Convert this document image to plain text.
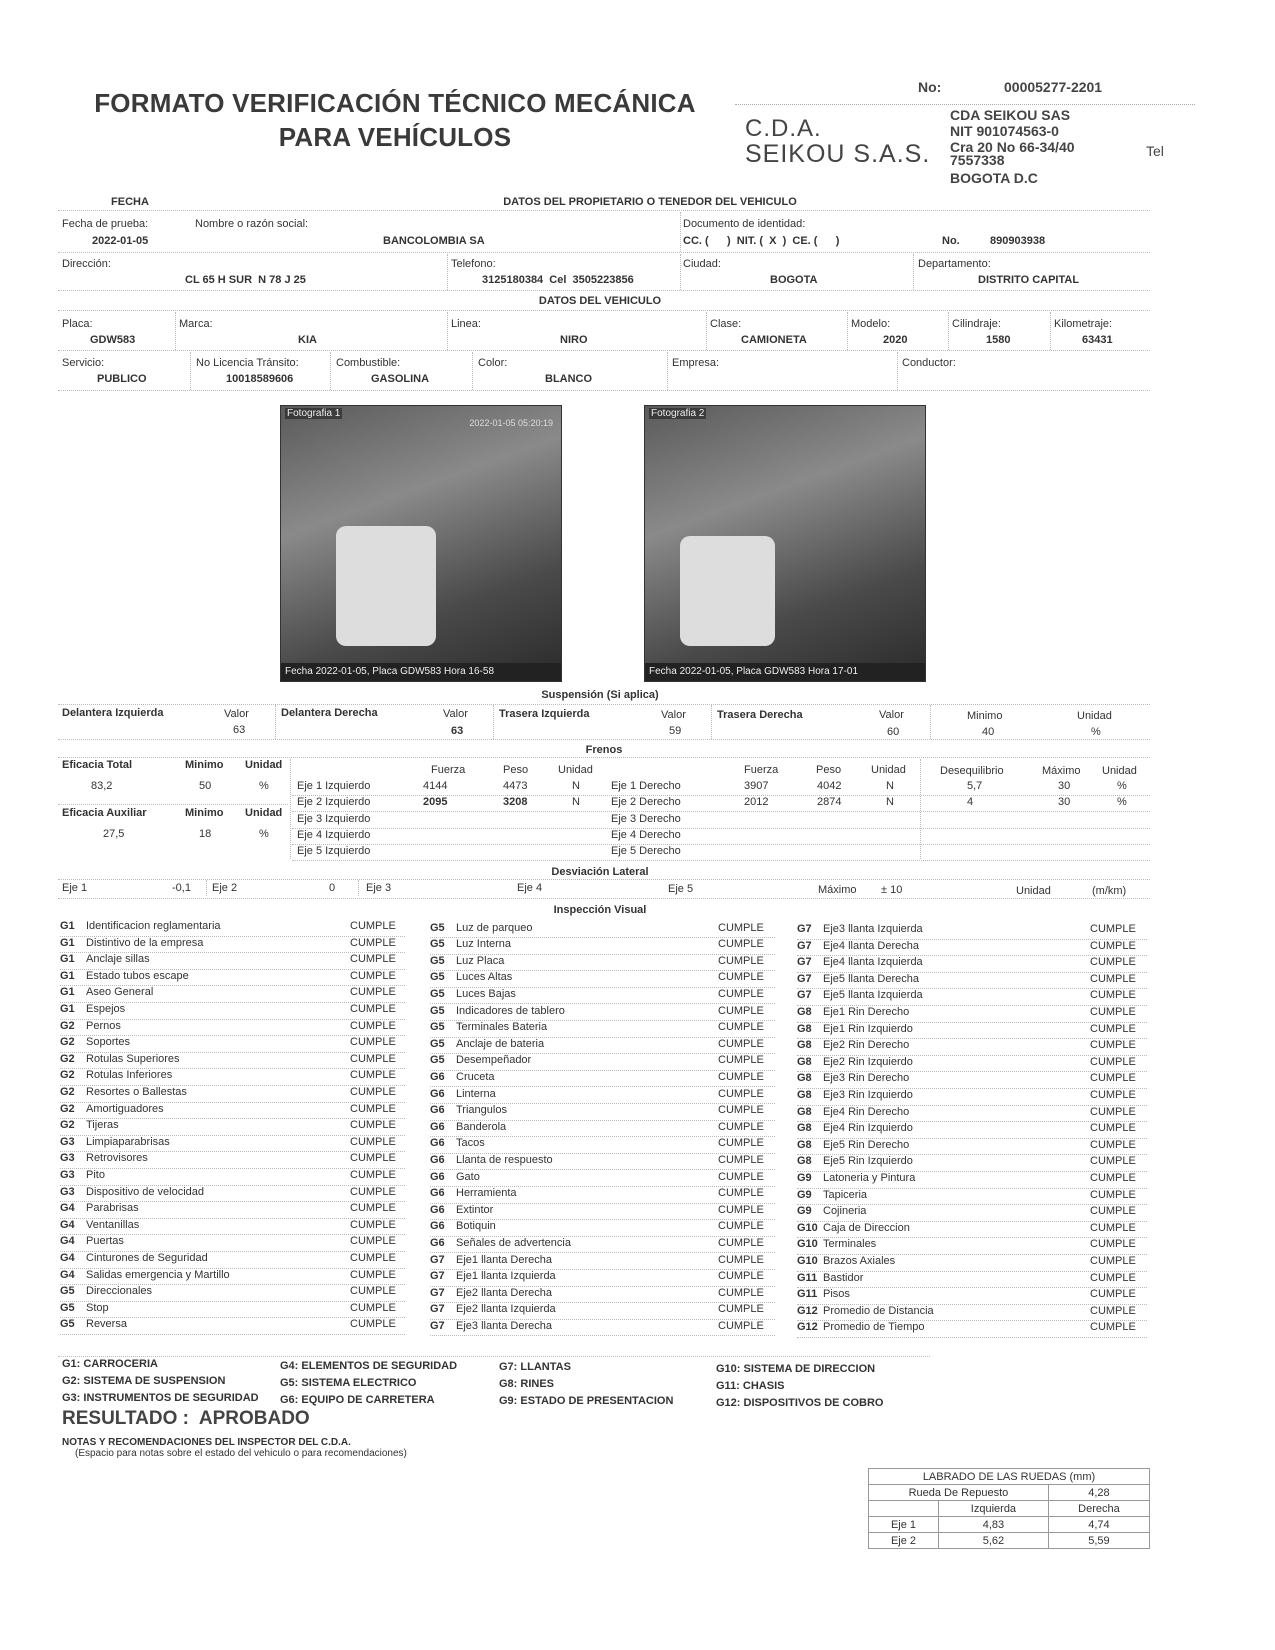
FORMATO VERIFICACIÓN TÉCNICO MECÁNICA
PARA VEHÍCULOS
No:	00005277-2201
C.D.A.
SEIKOU S.A.S.
CDA SEIKOU SAS
NIT 901074563-0
Cra 20 No 66-34/40
7557338
BOGOTA D.C
Tel
FECHA	DATOS DEL PROPIETARIO O TENEDOR DEL VEHICULO
Fecha de prueba:
2022-01-05
Nombre o razón social:
BANCOLOMBIA SA
Documento de identidad:
CC. (      )  NIT. (  X  )  CE. (      )	No.	890903938
Dirección:
CL 65 H SUR  N 78 J 25
Telefono:
3125180384  Cel  3505223856
Ciudad:
BOGOTA
Departamento:
DISTRITO CAPITAL
DATOS DEL VEHICULO
Placa:
GDW583
Marca:
KIA
Linea:
NIRO
Clase:
CAMIONETA
Modelo:
2020
Cilindraje:
1580
Kilometraje:
63431
Servicio:
PUBLICO
No Licencia Tránsito:
10018589606
Combustible:
GASOLINA
Color:
BLANCO
Empresa:	Conductor:
Fotografia 1
2022-01-05 05:20:19
Fecha 2022-01-05, Placa GDW583 Hora 16-58
Fotografia 2
Fecha 2022-01-05, Placa GDW583 Hora 17-01
Suspensión (Si aplica)
Delantera Izquierda	Valor
63
Delantera Derecha	Valor
63
Trasera Izquierda	Valor
59
Trasera Derecha	Valor
60
Minimo
40
Unidad
%
Frenos
Eficacia Total	Minimo Unidad
83,2	50	%
Eficacia Auxiliar	Minimo Unidad
27,5	18	%
Fuerza	Peso	Unidad	Fuerza	Peso	Unidad	Desequilibrio	Máximo Unidad
Eje 1 Izquierdo	4144	4473	N	Eje 1 Derecho	3907	4042	N	5,7	30	%
Eje 2 Izquierdo	2095	3208	N	Eje 2 Derecho	2012	2874	N	4	30	%
Eje 3 Izquierdo	Eje 3 Derecho
Eje 4 Izquierdo	Eje 4 Derecho
Eje 5 Izquierdo	Eje 5 Derecho
Desviación Lateral
Eje 1	-0,1 Eje 2	0	Eje 3	Eje 4	Eje 5	Máximo ± 10	Unidad	(m/km)
Inspección Visual
G1	Identificacion reglamentaria	CUMPLE
G1	Distintivo de la empresa	CUMPLE
G1	Anclaje sillas	CUMPLE
G1	Estado tubos escape	CUMPLE
G1	Aseo General	CUMPLE
G1	Espejos	CUMPLE
G2	Pernos	CUMPLE
G2	Soportes	CUMPLE
G2	Rotulas Superiores	CUMPLE
G2	Rotulas Inferiores	CUMPLE
G2	Resortes o Ballestas	CUMPLE
G2	Amortiguadores	CUMPLE
G2	Tijeras	CUMPLE
G3	Limpiaparabrisas	CUMPLE
G3	Retrovisores	CUMPLE
G3	Pito	CUMPLE
G3	Dispositivo de velocidad	CUMPLE
G4	Parabrisas	CUMPLE
G4	Ventanillas	CUMPLE
G4	Puertas	CUMPLE
G4	Cinturones de Seguridad	CUMPLE
G4	Salidas emergencia y Martillo	CUMPLE
G5	Direccionales	CUMPLE
G5	Stop	CUMPLE
G5	Reversa	CUMPLE
G5	Luz de parqueo	CUMPLE
G5	Luz Interna	CUMPLE
G5	Luz Placa	CUMPLE
G5	Luces Altas	CUMPLE
G5	Luces Bajas	CUMPLE
G5	Indicadores de tablero	CUMPLE
G5	Terminales Bateria	CUMPLE
G5	Anclaje de bateria	CUMPLE
G5	Desempeñador	CUMPLE
G6	Cruceta	CUMPLE
G6	Linterna	CUMPLE
G6	Triangulos	CUMPLE
G6	Banderola	CUMPLE
G6	Tacos	CUMPLE
G6	Llanta de respuesto	CUMPLE
G6	Gato	CUMPLE
G6	Herramienta	CUMPLE
G6	Extintor	CUMPLE
G6	Botiquin	CUMPLE
G6	Señales de advertencia	CUMPLE
G7	Eje1 llanta Derecha	CUMPLE
G7	Eje1 llanta Izquierda	CUMPLE
G7	Eje2 llanta Derecha	CUMPLE
G7	Eje2 llanta Izquierda	CUMPLE
G7	Eje3 llanta Derecha	CUMPLE
G7	Eje3 llanta Izquierda	CUMPLE
G7	Eje4 llanta Derecha	CUMPLE
G7	Eje4 llanta Izquierda	CUMPLE
G7	Eje5 llanta Derecha	CUMPLE
G7	Eje5 llanta Izquierda	CUMPLE
G8	Eje1 Rin Derecho	CUMPLE
G8	Eje1 Rin Izquierdo	CUMPLE
G8	Eje2 Rin Derecho	CUMPLE
G8	Eje2 Rin Izquierdo	CUMPLE
G8	Eje3 Rin Derecho	CUMPLE
G8	Eje3 Rin Izquierdo	CUMPLE
G8	Eje4 Rin Derecho	CUMPLE
G8	Eje4 Rin Izquierdo	CUMPLE
G8	Eje5 Rin Derecho	CUMPLE
G8	Eje5 Rin Izquierdo	CUMPLE
G9	Latoneria y Pintura	CUMPLE
G9	Tapiceria	CUMPLE
G9	Cojineria	CUMPLE
G10 Caja de Direccion	CUMPLE
G10 Terminales	CUMPLE
G10 Brazos Axiales	CUMPLE
G11 Bastidor	CUMPLE
G11 Pisos	CUMPLE
G12 Promedio de Distancia	CUMPLE
G12 Promedio de Tiempo	CUMPLE
G1: CARROCERIA
G2: SISTEMA DE SUSPENSION
G3: INSTRUMENTOS DE SEGURIDAD
G4: ELEMENTOS DE SEGURIDAD
G5: SISTEMA ELECTRICO
G6: EQUIPO DE CARRETERA
G7: LLANTAS
G8: RINES
G9: ESTADO DE PRESENTACION
G10: SISTEMA DE DIRECCION
G11: CHASIS
G12: DISPOSITIVOS DE COBRO
RESULTADO :  APROBADO
NOTAS Y RECOMENDACIONES DEL INSPECTOR DEL C.D.A.
(Espacio para notas sobre el estado del vehiculo o para recomendaciones)
LABRADO DE LAS RUEDAS (mm)		
Rueda De Repuesto		4,28
	Izquierda	Derecha
Eje 1	4,83	4,74
Eje 2	5,62	5,59
